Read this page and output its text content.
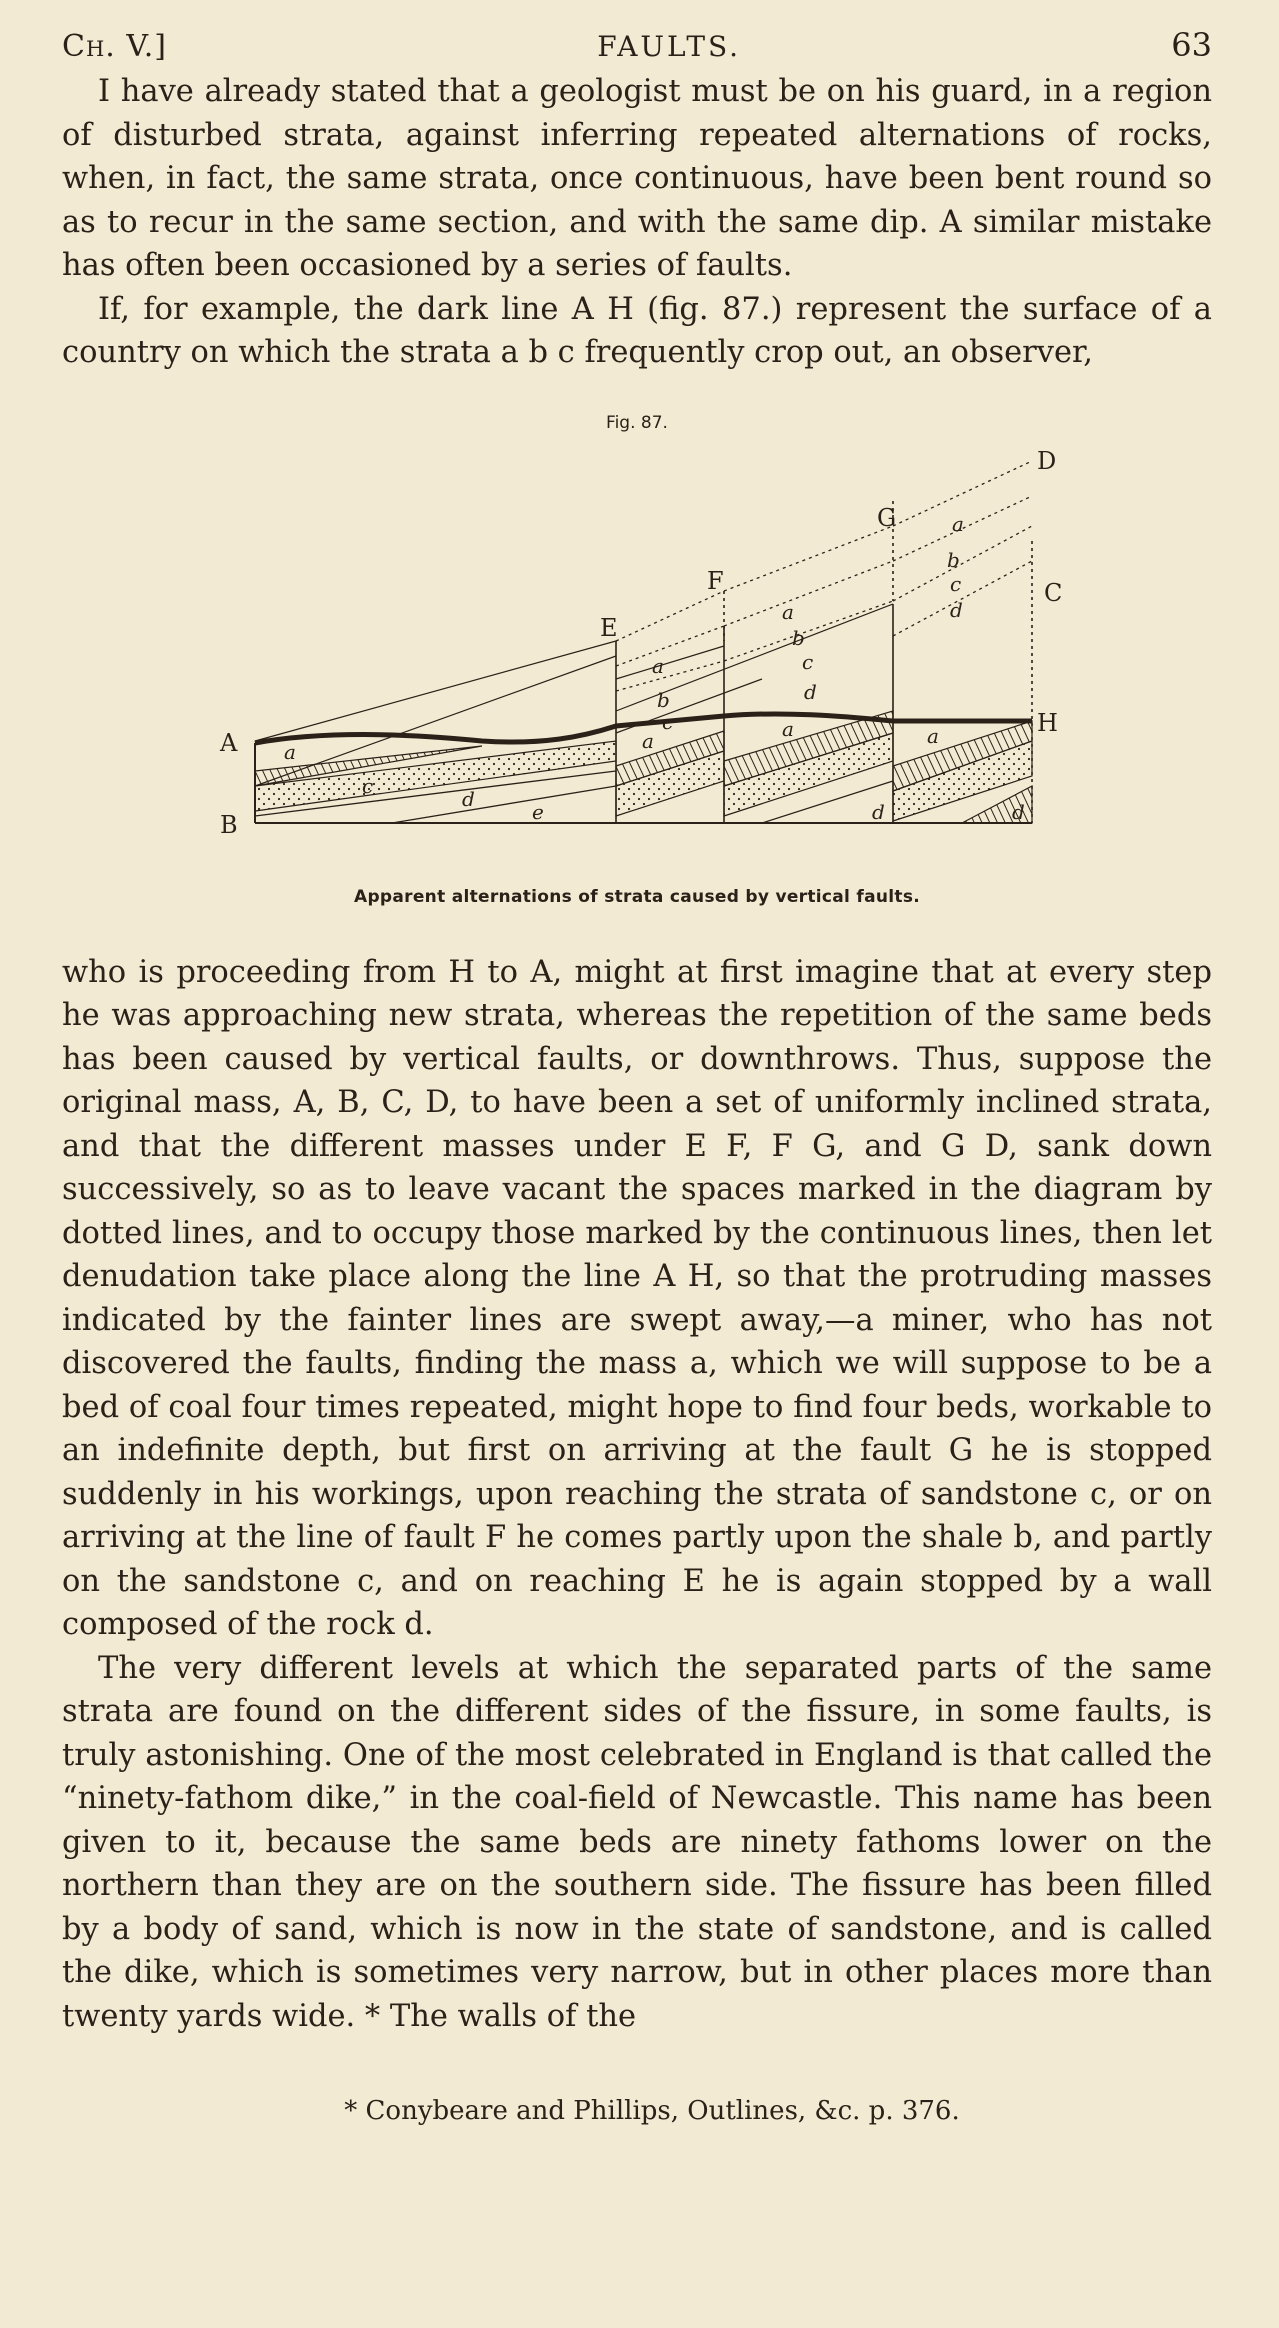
Ch. V.]	FAULTS.	63

I have already stated that a geologist must be on his guard, in a region of disturbed strata, against inferring repeated alternations of rocks, when, in fact, the same strata, once continuous, have been bent round so as to recur in the same section, and with the same dip. A similar mistake has often been occasioned by a series of faults.

If, for example, the dark line A H (fig. 87.) represent the surface of a country on which the strata a b c frequently crop out, an observer,

Fig. 87.
A
B
C
D
E
F
G
H
a
c
d
e
a
b
c
a
b
c
d
a
b
c
d
a	a	a
d	d
Apparent alternations of strata caused by vertical faults.

who is proceeding from H to A, might at first imagine that at every step he was approaching new strata, whereas the repetition of the same beds has been caused by vertical faults, or downthrows. Thus, suppose the original mass, A, B, C, D, to have been a set of uniformly inclined strata, and that the different masses under E F, F G, and G D, sank down successively, so as to leave vacant the spaces marked in the diagram by dotted lines, and to occupy those marked by the continuous lines, then let denudation take place along the line A H, so that the protruding masses indicated by the fainter lines are swept away,—a miner, who has not discovered the faults, finding the mass a, which we will suppose to be a bed of coal four times repeated, might hope to find four beds, workable to an indefinite depth, but first on arriving at the fault G he is stopped suddenly in his workings, upon reaching the strata of sandstone c, or on arriving at the line of fault F he comes partly upon the shale b, and partly on the sandstone c, and on reaching E he is again stopped by a wall composed of the rock d.

The very different levels at which the separated parts of the same strata are found on the different sides of the fissure, in some faults, is truly astonishing. One of the most celebrated in England is that called the “ninety-fathom dike,” in the coal-field of Newcastle. This name has been given to it, because the same beds are ninety fathoms lower on the northern than they are on the southern side. The fissure has been filled by a body of sand, which is now in the state of sandstone, and is called the dike, which is sometimes very narrow, but in other places more than twenty yards wide. * The walls of the

* Conybeare and Phillips, Outlines, &c. p. 376.
